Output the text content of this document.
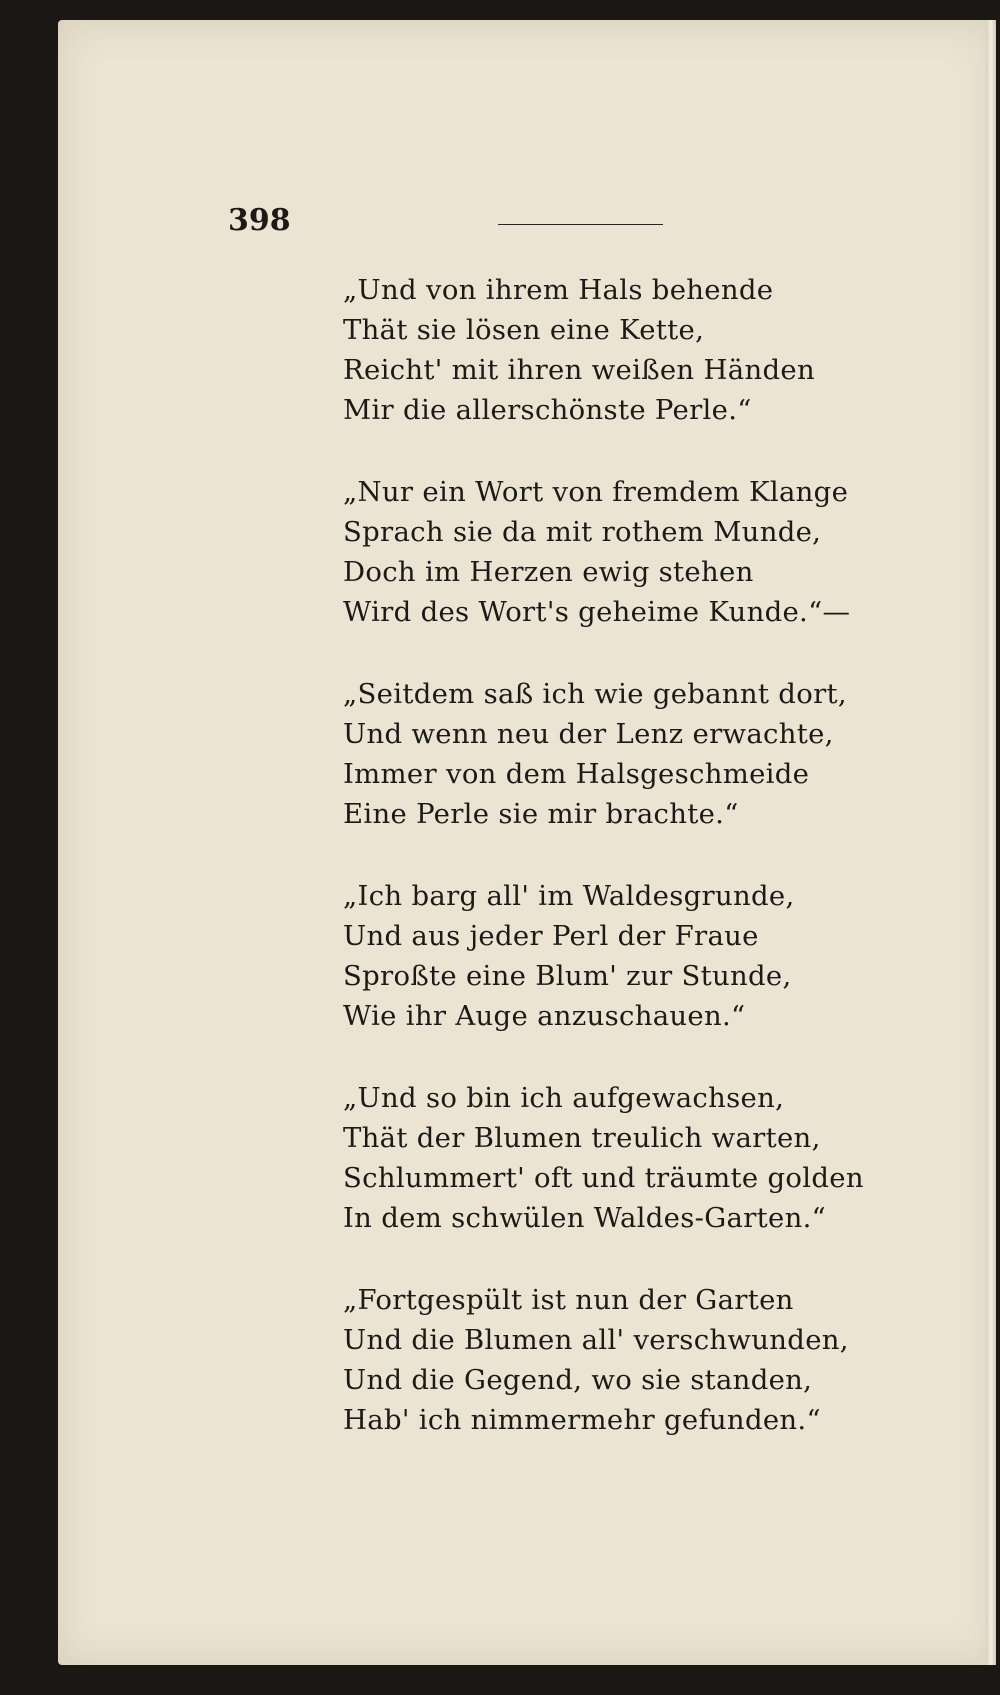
398
„Und von ihrem Hals behende
Thät sie lösen eine Kette,
Reicht' mit ihren weißen Händen
Mir die allerschönste Perle.“
„Nur ein Wort von fremdem Klange
Sprach sie da mit rothem Munde,
Doch im Herzen ewig stehen
Wird des Wort's geheime Kunde.“—
„Seitdem saß ich wie gebannt dort,
Und wenn neu der Lenz erwachte,
Immer von dem Halsgeschmeide
Eine Perle sie mir brachte.“
„Ich barg all' im Waldesgrunde,
Und aus jeder Perl der Fraue
Sproßte eine Blum' zur Stunde,
Wie ihr Auge anzuschauen.“
„Und so bin ich aufgewachsen,
Thät der Blumen treulich warten,
Schlummert' oft und träumte golden
In dem schwülen Waldes-Garten.“
„Fortgespült ist nun der Garten
Und die Blumen all' verschwunden,
Und die Gegend, wo sie standen,
Hab' ich nimmermehr gefunden.“
